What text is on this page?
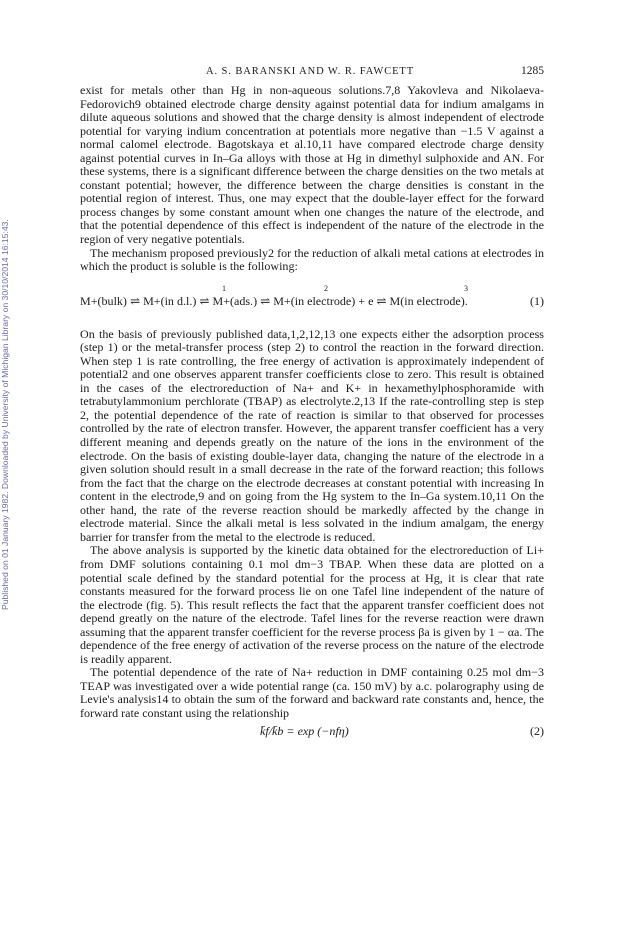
Published on 01 January 1982. Downloaded by University of Michigan Library on 30/10/2014 16:15:43.
A. S. BARANSKI AND W. R. FAWCETT	1285

exist for metals other than Hg in non-aqueous solutions.7,8 Yakovleva and Nikolaeva-Fedorovich9 obtained electrode charge density against potential data for indium amalgams in dilute aqueous solutions and showed that the charge density is almost independent of electrode potential for varying indium concentration at potentials more negative than −1.5 V against a normal calomel electrode. Bagotskaya et al.10,11 have compared electrode charge density against potential curves in In–Ga alloys with those at Hg in dimethyl sulphoxide and AN. For these systems, there is a significant difference between the charge densities on the two metals at constant potential; however, the difference between the charge densities is constant in the potential region of interest. Thus, one may expect that the double-layer effect for the forward process changes by some constant amount when one changes the nature of the electrode, and that the potential dependence of this effect is independent of the nature of the electrode in the region of very negative potentials.

The mechanism proposed previously2 for the reduction of alkali metal cations at electrodes in which the product is soluble is the following:

1	2	3
M+(bulk) ⇌ M+(in d.l.) ⇌ M+(ads.) ⇌ M+(in electrode) + e ⇌ M(in electrode).	(1)

On the basis of previously published data,1,2,12,13 one expects either the adsorption process (step 1) or the metal-transfer process (step 2) to control the reaction in the forward direction. When step 1 is rate controlling, the free energy of activation is approximately independent of potential2 and one observes apparent transfer coefficients close to zero. This result is obtained in the cases of the electroreduction of Na+ and K+ in hexamethylphosphoramide with tetrabutylammonium perchlorate (TBAP) as electrolyte.2,13 If the rate-controlling step is step 2, the potential dependence of the rate of reaction is similar to that observed for processes controlled by the rate of electron transfer. However, the apparent transfer coefficient has a very different meaning and depends greatly on the nature of the ions in the environment of the electrode. On the basis of existing double-layer data, changing the nature of the electrode in a given solution should result in a small decrease in the rate of the forward reaction; this follows from the fact that the charge on the electrode decreases at constant potential with increasing In content in the electrode,9 and on going from the Hg system to the In–Ga system.10,11 On the other hand, the rate of the reverse reaction should be markedly affected by the change in electrode material. Since the alkali metal is less solvated in the indium amalgam, the energy barrier for transfer from the metal to the electrode is reduced.

The above analysis is supported by the kinetic data obtained for the electroreduction of Li+ from DMF solutions containing 0.1 mol dm−3 TBAP. When these data are plotted on a potential scale defined by the standard potential for the process at Hg, it is clear that rate constants measured for the forward process lie on one Tafel line independent of the nature of the electrode (fig. 5). This result reflects the fact that the apparent transfer coefficient does not depend greatly on the nature of the electrode. Tafel lines for the reverse reaction were drawn assuming that the apparent transfer coefficient for the reverse process βa is given by 1 − αa. The dependence of the free energy of activation of the reverse process on the nature of the electrode is readily apparent.

The potential dependence of the rate of Na+ reduction in DMF containing 0.25 mol dm−3 TEAP was investigated over a wide potential range (ca. 150 mV) by a.c. polarography using de Levie's analysis14 to obtain the sum of the forward and backward rate constants and, hence, the forward rate constant using the relationship

k̄f/k̄b = exp (−nfη)	(2)
